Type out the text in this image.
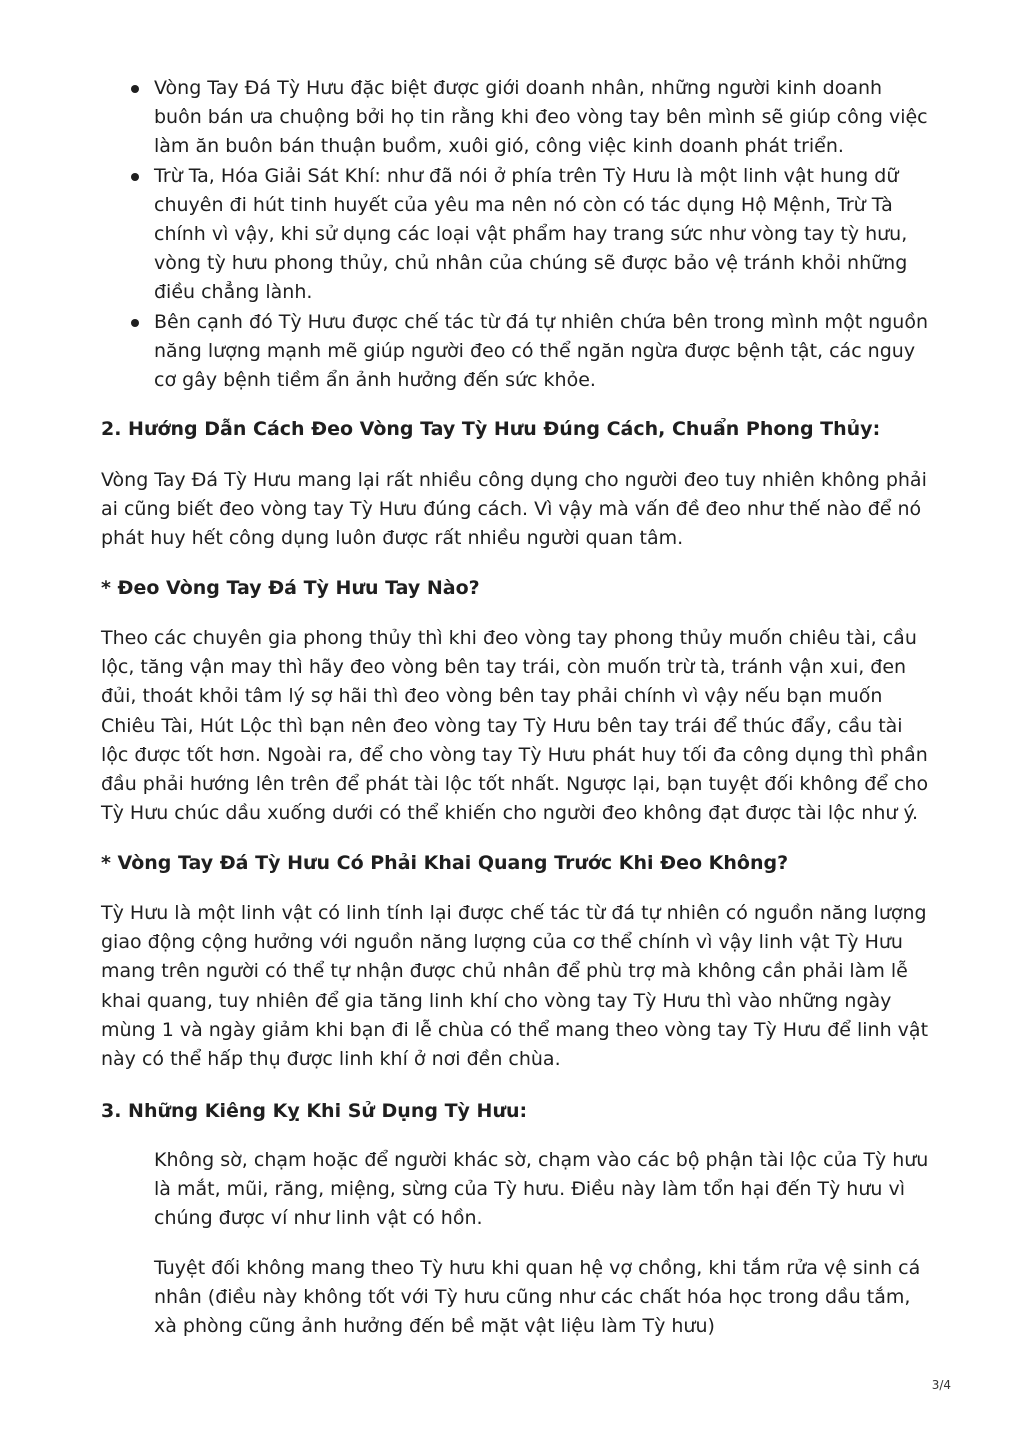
Vòng Tay Đá Tỳ Hưu đặc biệt được giới doanh nhân, những người kinh doanh buôn bán ưa chuộng bởi họ tin rằng khi đeo vòng tay bên mình sẽ giúp công việc làm ăn buôn bán thuận buồm, xuôi gió, công việc kinh doanh phát triển.
Trừ Ta, Hóa Giải Sát Khí: như đã nói ở phía trên Tỳ Hưu là một linh vật hung dữ chuyên đi hút tinh huyết của yêu ma nên nó còn có tác dụng Hộ Mệnh, Trừ Tà chính vì vậy, khi sử dụng các loại vật phẩm hay trang sức như vòng tay tỳ hưu, vòng tỳ hưu phong thủy, chủ nhân của chúng sẽ được bảo vệ tránh khỏi những điều chẳng lành.
Bên cạnh đó Tỳ Hưu được chế tác từ đá tự nhiên chứa bên trong mình một nguồn năng lượng mạnh mẽ giúp người đeo có thể ngăn ngừa được bệnh tật, các nguy cơ gây bệnh tiềm ẩn ảnh hưởng đến sức khỏe.
2. Hướng Dẫn Cách Đeo Vòng Tay Tỳ Hưu Đúng Cách, Chuẩn Phong Thủy:
Vòng Tay Đá Tỳ Hưu mang lại rất nhiều công dụng cho người đeo tuy nhiên không phải ai cũng biết đeo vòng tay Tỳ Hưu đúng cách. Vì vậy mà vấn đề đeo như thế nào để nó phát huy hết công dụng luôn được rất nhiều người quan tâm.
* Đeo Vòng Tay Đá Tỳ Hưu Tay Nào?
Theo các chuyên gia phong thủy thì khi đeo vòng tay phong thủy muốn chiêu tài, cầu lộc, tăng vận may thì hãy đeo vòng bên tay trái, còn muốn trừ tà, tránh vận xui, đen đủi, thoát khỏi tâm lý sợ hãi thì đeo vòng bên tay phải chính vì vậy nếu bạn muốn Chiêu Tài, Hút Lộc thì bạn nên đeo vòng tay Tỳ Hưu bên tay trái để thúc đẩy, cầu tài lộc được tốt hơn. Ngoài ra, để cho vòng tay Tỳ Hưu phát huy tối đa công dụng thì phần đầu phải hướng lên trên để phát tài lộc tốt nhất. Ngược lại, bạn tuyệt đối không để cho Tỳ Hưu chúc dầu xuống dưới có thể khiến cho người đeo không đạt được tài lộc như ý.
* Vòng Tay Đá Tỳ Hưu Có Phải Khai Quang Trước Khi Đeo Không?
Tỳ Hưu là một linh vật có linh tính lại được chế tác từ đá tự nhiên có nguồn năng lượng giao động cộng hưởng với nguồn năng lượng của cơ thể chính vì vậy linh vật Tỳ Hưu mang trên người có thể tự nhận được chủ nhân để phù trợ mà không cần phải làm lễ khai quang, tuy nhiên để gia tăng linh khí cho vòng tay Tỳ Hưu thì vào những ngày mùng 1 và ngày giảm khi bạn đi lễ chùa có thể mang theo vòng tay Tỳ Hưu để linh vật này có thể hấp thụ được linh khí ở nơi đền chùa.
3. Những Kiêng Kỵ Khi Sử Dụng Tỳ Hưu:
Không sờ, chạm hoặc để người khác sờ, chạm vào các bộ phận tài lộc của Tỳ hưu là mắt, mũi, răng, miệng, sừng của Tỳ hưu. Điều này làm tổn hại đến Tỳ hưu vì chúng được ví như linh vật có hồn.
Tuyệt đối không mang theo Tỳ hưu khi quan hệ vợ chồng, khi tắm rửa vệ sinh cá nhân (điều này không tốt với Tỳ hưu cũng như các chất hóa học trong dầu tắm, xà phòng cũng ảnh hưởng đến bề mặt vật liệu làm Tỳ hưu)
3/4
